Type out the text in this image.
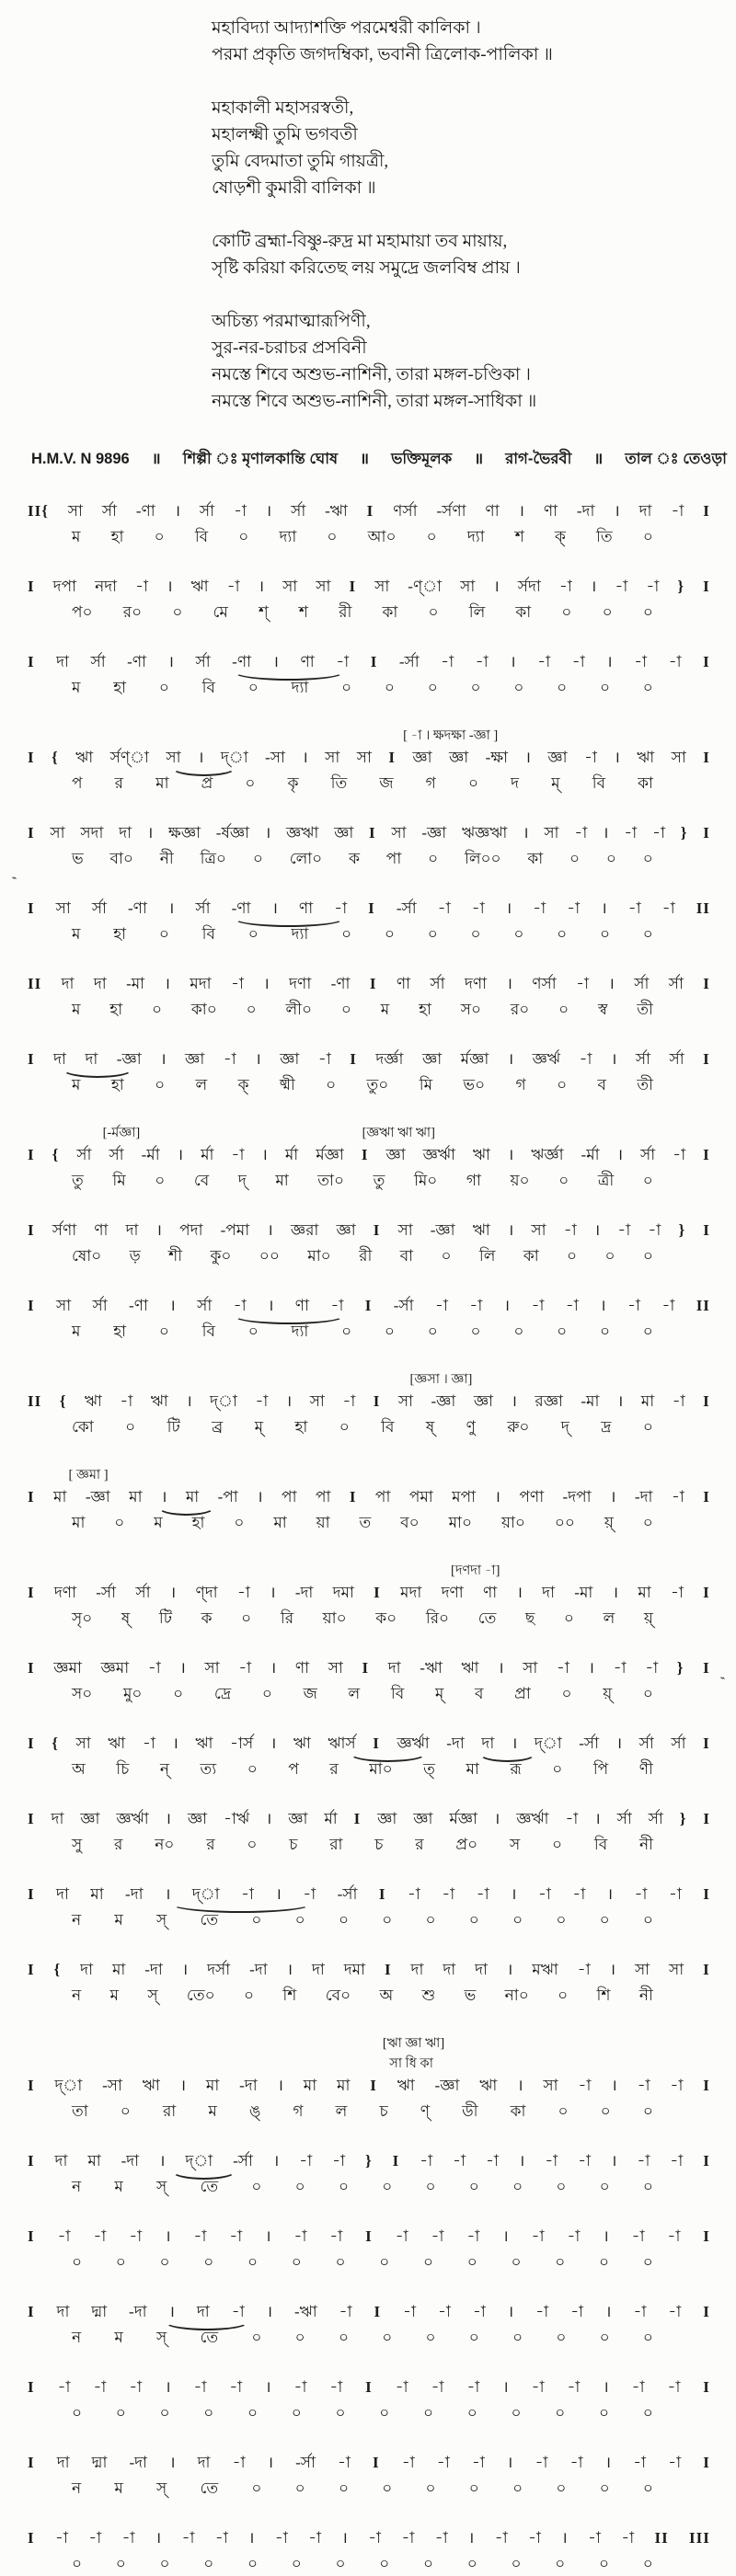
মহাবিদ্যা আদ্যাশক্তি পরমেশ্বরী কালিকা ।
পরমা প্রকৃতি জগদম্বিকা, ভবানী ত্রিলোক-পালিকা ॥
মহাকালী মহাসরস্বতী,
মহালক্ষ্মী তুমি ভগবতী
তুমি বেদমাতা তুমি গায়ত্রী,
ষোড়শী কুমারী বালিকা ॥
কোটি ব্রহ্মা-বিষ্ণু-রুদ্র মা মহামায়া তব মায়ায়,
সৃষ্টি করিয়া করিতেছ লয় সমুদ্রে জলবিম্ব প্রায় ।
অচিন্ত্য পরমাত্মারূপিণী,
সুর-নর-চরাচর প্রসবিনী
নমস্তে শিবে অশুভ-নাশিনী, তারা মঙ্গল-চণ্ডিকা ।
নমস্তে শিবে অশুভ-নাশিনী, তারা মঙ্গল-সাধিকা ॥
H.M.V. N 9896 ॥ শিল্পী ঃ মৃণালকান্তি ঘোষ ॥ ভক্তিমূলক ॥ রাগ-ভৈরবী ॥ তাল ঃ তেওড়া
II{ সা র্সা -ণা । র্সা -া । র্সা -ঋা I ণর্সা -র্সণা ণা । ণা -দা । দা -া I
ম হা ০ বি ০ দ্যা ০ আ০ ০ দ্যা শ ক্ তি ০
I দপা নদা -া । ঋা -া । সা সা I সা -ণ্া সা । র্সদা -া । -া -া } I
প০ র০ ০ মে শ্ শ রী কা ০ লি কা ০ ০ ০
I দা র্সা -ণা । র্সা -ণা । ণা -া I -র্সা -া -া । -া -া । -া -া I
ম হা ০ বি ০ দ্যা ০ ০ ০ ০ ০ ০ ০ ০
[ -া । ক্ষদক্ষা -জ্ঞা ]
I { ঋা র্সণ্া সা । দ্া -সা । সা সা I জ্ঞা জ্ঞা -ক্ষা । জ্ঞা -া । ঋা সা I
প র মা প্র ০ কৃ তি জ গ ০ দ ম্ বি কা
I সা সদা দা । ক্ষজ্ঞা -র্ষজ্ঞা । জ্ঞঋা জ্ঞা I সা -জ্ঞা ঋজ্ঞঋা । সা -া । -া -া } I
ভ বা০ নী ত্রি০ ০ লো০ ক পা ০ লি০০ কা ০ ০ ০
``
I সা র্সা -ণা । র্সা -ণা । ণা -া I -র্সা -া -া । -া -া । -া -া II
ম হা ০ বি ০ দ্যা ০ ০ ০ ০ ০ ০ ০ ০
II দা দা -মা । মদা -া । দণা -ণা I ণা র্সা দণা । ণর্সা -া । র্সা র্সা I
ম হা ০ কা০ ০ লী০ ০ ম হা স০ র০ ০ স্ব তী
I দা দা -জ্ঞা । জ্ঞা -া । জ্ঞা -া I দর্জ্ঞা জ্ঞা র্মজ্ঞা । জ্ঞর্ঋ -া । র্সা র্সা I
ম হা ০ ল ক্ ষ্মী ০ তু০ মি ভ০ গ ০ ব তী
[-র্মজ্ঞা]	[জ্ঞঋা ঋা ঋা]
I { র্সা র্সা -র্মা । র্মা -া । র্মা র্মজ্ঞা I জ্ঞা জ্ঞর্ঋা ঋা । ঋর্জ্ঞা -র্মা । র্সা -া I
তু মি ০ বে দ্ মা তা০ তু মি০ গা য়০ ০ ত্রী ০
I র্সণা ণা দা । পদা -পমা । জ্ঞরা জ্ঞা I সা -জ্ঞা ঋা । সা -া । -া -া } I
ষো০ ড় শী কু০ ০০ মা০ রী বা ০ লি কা ০ ০ ০
I সা র্সা -ণা । র্সা -া । ণা -া I -র্সা -া -া । -া -া । -া -া II
ম হা ০ বি ০ দ্যা ০ ০ ০ ০ ০ ০ ০ ০
[জ্ঞসা । জ্ঞা]
II { ঋা -া ঋা । দ্া -া । সা -া I সা -জ্ঞা জ্ঞা । রজ্ঞা -মা । মা -া I
কো ০ টি ব্র ম্ হা ০ বি ষ্ ণু রু০ দ্ দ্র ০
[ জ্ঞমা ]
I মা -জ্ঞা মা । মা -পা । পা পা I পা পমা মপা । পণা -দপা । -দা -া I
মা ০ ম হা ০ মা য়া ত ব০ মা০ য়া০ ০০ য়্ ০
[দণদা -া]
I দণা -র্সা র্সা । ণ্দা -া । -দা দমা I মদা দণা ণা । দা -মা । মা -া I
সৃ০ ষ্ টি ক ০ রি য়া০ ক০ রি০ তে ছ ০ ল য়্
I জ্ঞমা জ্ঞমা -া । সা -া । ণা সা I দা -ঋা ঋা । সা -া । -া -া } I
স০ মু০ ০ দ্রে ০ জ ল বি ম্ ব প্রা ০ য়্ ০
``
I { সা ঋা -া । ঋা -ার্স । ঋা ঋার্স I জ্ঞর্ঋা -দা দা । দ্া -র্সা । র্সা র্সা I
অ চি ন্ ত্য ০ প র মা০ ত্ মা রূ ০ পি ণী
I দা জ্ঞা জ্ঞর্ঋা । জ্ঞা -ার্ঋ । জ্ঞা র্মা I জ্ঞা জ্ঞা র্মজ্ঞা । জ্ঞর্ঋা -া । র্সা র্সা } I
সু র ন০ র ০ চ রা চ র প্র০ স ০ বি নী
I দা মা -দা । দ্া -া । -া -র্সা I -া -া -া । -া -া । -া -া I
ন ম স্ তে ০ ০ ০ ০ ০ ০ ০ ০ ০ ০
I { দা মা -দা । দর্সা -দা । দা দমা I দা দা দা । মঋা -া । সা সা I
ন ম স্ তে০ ০ শি বে০ অ শু ভ না০ ০ শি নী
[ঋা জ্ঞা ঋা]
সা ধি কা
I দ্া -সা ঋা । মা -দা । মা মা I ঋা -জ্ঞা ঋা । সা -া । -া -া I
তা ০ রা ম ঙ্ গ ল চ ণ্ ডী কা ০ ০ ০
I দা মা -দা । দ্া -র্সা । -া -া } I -া -া -া । -া -া । -া -া I
ন ম স্ তে ০ ০ ০ ০ ০ ০ ০ ০ ০ ০
I -া -া -া । -া -া । -া -া I -া -া -া । -া -া । -া -া I
০ ০ ০ ০ ০ ০ ০ ০ ০ ০ ০ ০ ০ ০
I দা দ্মা -দা । দা -া । -ঋা -া I -া -া -া । -া -া । -া -া I
ন ম স্ তে ০ ০ ০ ০ ০ ০ ০ ০ ০ ০
I -া -া -া । -া -া । -া -া I -া -া -া । -া -া । -া -া I
০ ০ ০ ০ ০ ০ ০ ০ ০ ০ ০ ০ ০ ০
I দা দ্মা -দা । দা -া । -র্সা -া I -া -া -া । -া -া । -া -া I
ন ম স্ তে ০ ০ ০ ০ ০ ০ ০ ০ ০ ০
I -া -া -া । -া -া । -া -া । -া -া -া । -া -া । -া -া II III
০ ০ ০ ০ ০ ০ ০ ০ ০ ০ ০ ০ ০ ০
